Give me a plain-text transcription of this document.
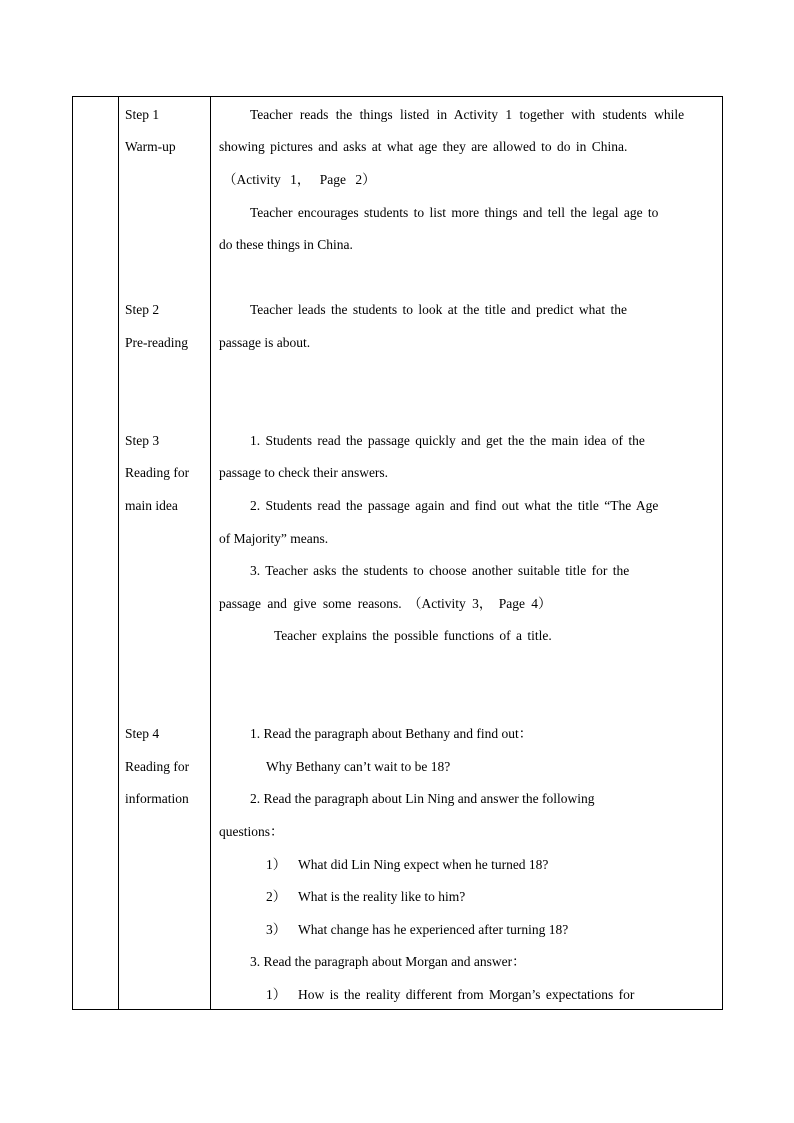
Step 1
Warm-up
Teacher reads the things listed in Activity 1 together with students while
showing pictures and asks at what age they are allowed to do in China.
（Activity 1， Page 2）
Teacher encourages students to list more things and tell the legal age to
do these things in China.
Step 2
Pre-reading
Teacher leads the students to look at the title and predict what the
passage is about.
Step 3
Reading for
main idea
1. Students read the passage quickly and get the the main idea of the
passage to check their answers.
2. Students read the passage again and find out what the title “The Age
of Majority” means.
3. Teacher asks the students to choose another suitable title for the
passage and give some reasons. （Activity 3， Page 4）
Teacher explains the possible functions of a title.
Step 4
Reading for
information
1. Read the paragraph about Bethany and find out：
Why Bethany can’t wait to be 18?
2. Read the paragraph about Lin Ning and answer the following
questions：
1） What did Lin Ning expect when he turned 18?
2） What is the reality like to him?
3） What change has he experienced after turning 18?
3. Read the paragraph about Morgan and answer：
1） How is the reality different from Morgan’s expectations for
